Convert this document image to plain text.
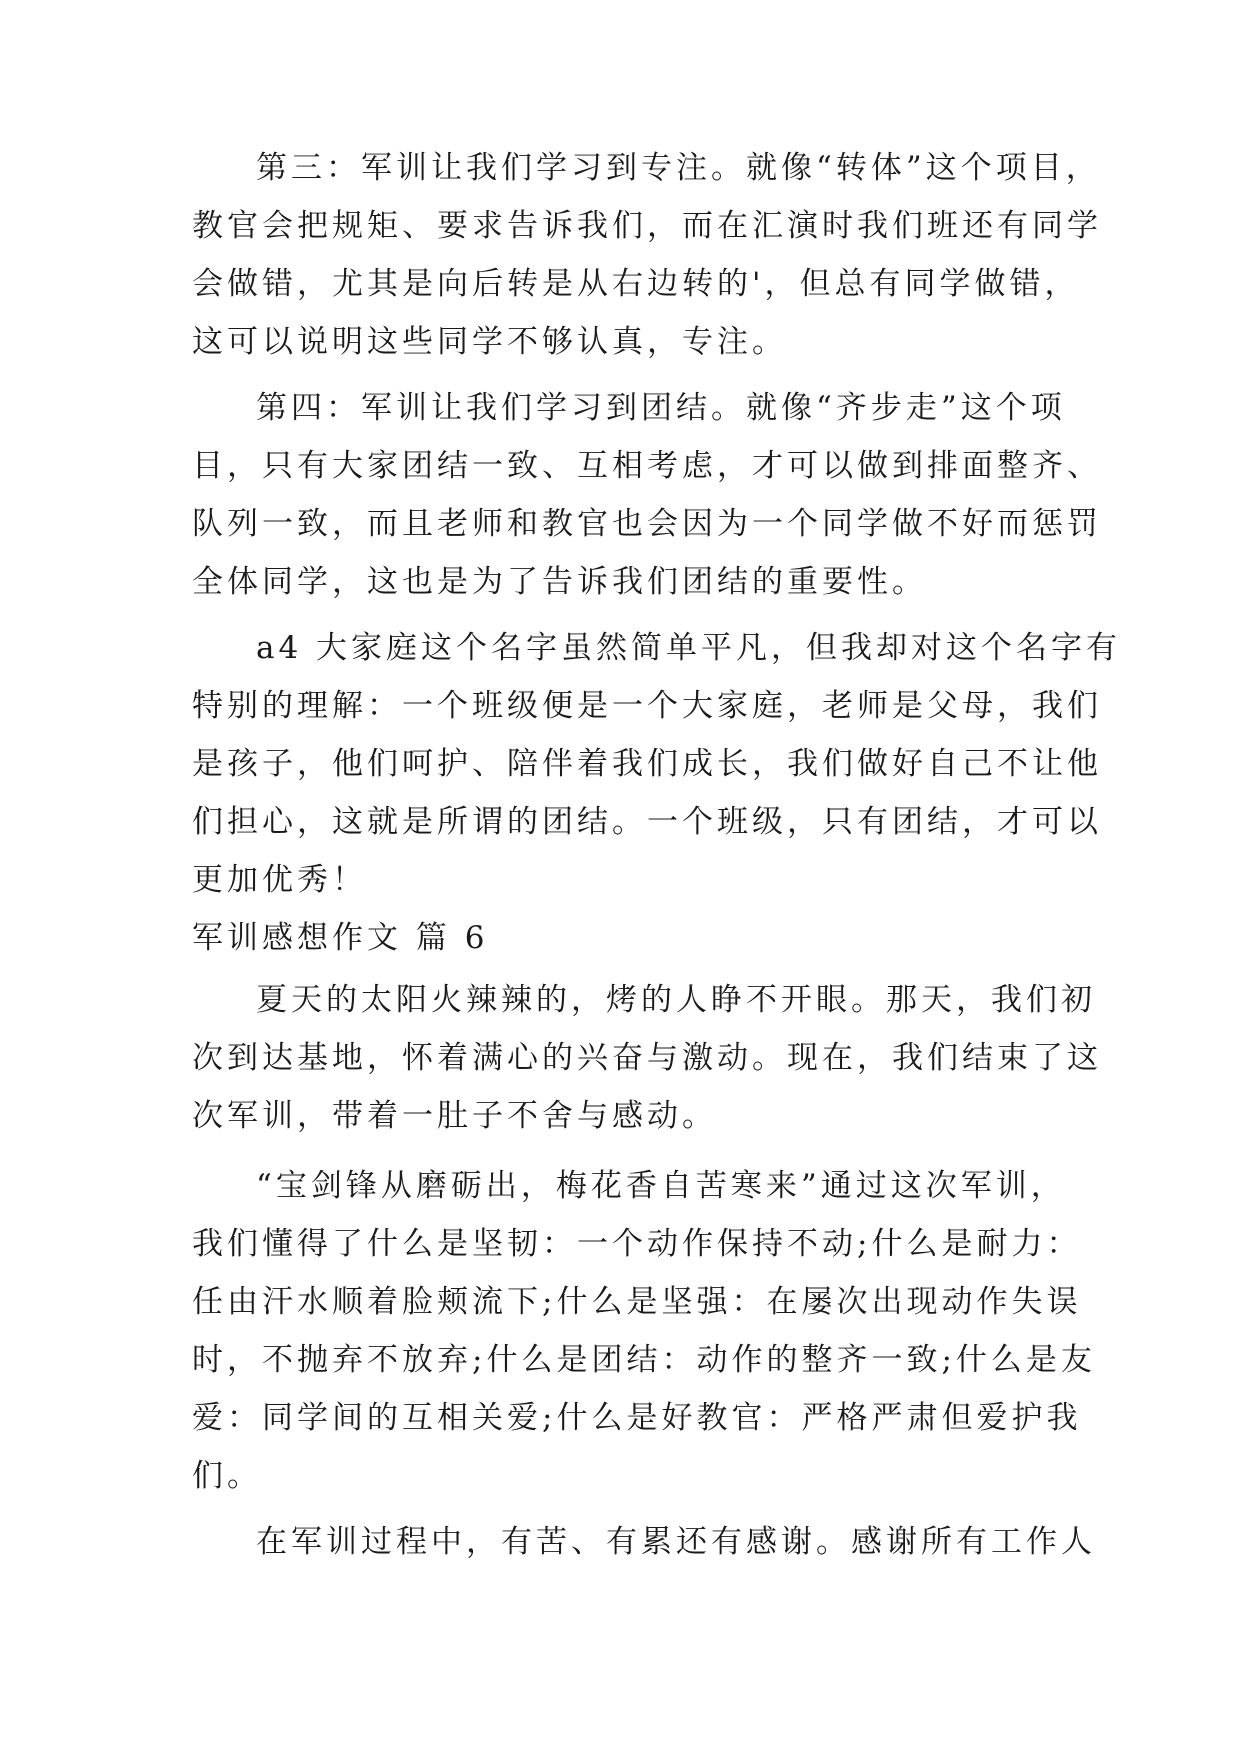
第三：军训让我们学习到专注。就像“转体”这个项目，

教官会把规矩、要求告诉我们，而在汇演时我们班还有同学

会做错，尤其是向后转是从右边转的'，但总有同学做错，

这可以说明这些同学不够认真，专注。

第四：军训让我们学习到团结。就像“齐步走”这个项

目，只有大家团结一致、互相考虑，才可以做到排面整齐、

队列一致，而且老师和教官也会因为一个同学做不好而惩罚

全体同学，这也是为了告诉我们团结的重要性。

a4 大家庭这个名字虽然简单平凡，但我却对这个名字有

特别的理解：一个班级便是一个大家庭，老师是父母，我们

是孩子，他们呵护、陪伴着我们成长，我们做好自己不让他

们担心，这就是所谓的团结。一个班级，只有团结，才可以

更加优秀！

军训感想作文 篇 6

夏天的太阳火辣辣的，烤的人睁不开眼。那天，我们初

次到达基地，怀着满心的兴奋与激动。现在，我们结束了这

次军训，带着一肚子不舍与感动。

“宝剑锋从磨砺出，梅花香自苦寒来”通过这次军训，

我们懂得了什么是坚韧：一个动作保持不动;什么是耐力：

任由汗水顺着脸颊流下;什么是坚强：在屡次出现动作失误

时，不抛弃不放弃;什么是团结：动作的整齐一致;什么是友

爱：同学间的互相关爱;什么是好教官：严格严肃但爱护我

们。

在军训过程中，有苦、有累还有感谢。感谢所有工作人
